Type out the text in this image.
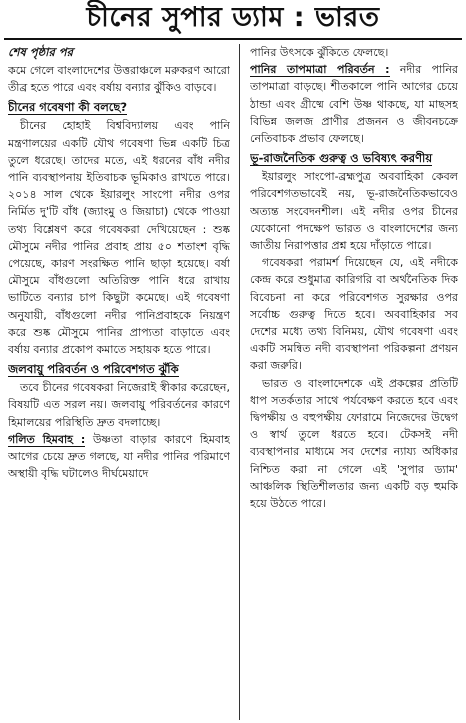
চীনের সুপার ড্যাম : ভারত
শেষ পৃষ্ঠার পর

কমে গেলে বাংলাদেশের উত্তরাঞ্চলে মরুকরণ আরো তীব্র হতে পারে এবং বর্ষায় বন্যার ঝুঁকিও বাড়বে।

চীনের গবেষণা কী বলছে?

চীনের হোহাই বিশ্ববিদ্যালয় এবং পানি মন্ত্রণালয়ের একটি যৌথ গবেষণা ভিন্ন একটি চিত্র তুলে ধরেছে। তাদের মতে, এই ধরনের বাঁধ নদীর পানি ব্যবস্থাপনায় ইতিবাচক ভূমিকাও রাখতে পারে। ২০১৪ সাল থেকে ইয়ারলুং সাংপো নদীর ওপর নির্মিত দু'টি বাঁধ (জ্যাংমু ও জিয়াচা) থেকে পাওয়া তথ্য বিশ্লেষণ করে গবেষকরা দেখিয়েছেন : শুষ্ক মৌসুমে নদীর পানির প্রবাহ প্রায় ৫০ শতাংশ বৃদ্ধি পেয়েছে, কারণ সংরক্ষিত পানি ছাড়া হয়েছে। বর্ষা মৌসুমে বাঁধগুলো অতিরিক্ত পানি ধরে রাখায় ভাটিতে বন্যার চাপ কিছুটা কমেছে। এই গবেষণা অনুযায়ী, বাঁধগুলো নদীর পানিপ্রবাহকে নিয়ন্ত্রণ করে শুষ্ক মৌসুমে পানির প্রাপ্যতা বাড়াতে এবং বর্ষায় বন্যার প্রকোপ কমাতে সহায়ক হতে পারে।

জলবায়ু পরিবর্তন ও পরিবেশগত ঝুঁকি

তবে চীনের গবেষকরা নিজেরাই স্বীকার করেছেন, বিষয়টি এত সরল নয়। জলবায়ু পরিবর্তনের কারণে হিমালয়ের পরিস্থিতি দ্রুত বদলাচ্ছে।

গলিত হিমবাহ : উষ্ণতা বাড়ার কারণে হিমবাহ আগের চেয়ে দ্রুত গলছে, যা নদীর পানির পরিমাণে অস্থায়ী বৃদ্ধি ঘটালেও দীর্ঘমেয়াদে

পানির উৎসকে ঝুঁকিতে ফেলছে।

পানির তাপমাত্রা পরিবর্তন : নদীর পানির তাপমাত্রা বাড়ছে। শীতকালে পানি আগের চেয়ে ঠান্ডা এবং গ্রীষ্মে বেশি উষ্ণ থাকছে, যা মাছসহ বিভিন্ন জলজ প্রাণীর প্রজনন ও জীবনচক্রে নেতিবাচক প্রভাব ফেলছে।

ভূ-রাজনৈতিক গুরুত্ব ও ভবিষ্যৎ করণীয়

ইয়ারলুং সাংপো-ব্রহ্মপুত্র অববাহিকা কেবল পরিবেশগতভাবেই নয়, ভূ-রাজনৈতিকভাবেও অত্যন্ত সংবেদনশীল। এই নদীর ওপর চীনের যেকোনো পদক্ষেপ ভারত ও বাংলাদেশের জন্য জাতীয় নিরাপত্তার প্রশ্ন হয়ে দাঁড়াতে পারে।

গবেষকরা পরামর্শ দিয়েছেন যে, এই নদীকে কেন্দ্র করে শুধুমাত্র কারিগরি বা অর্থনৈতিক দিক বিবেচনা না করে পরিবেশগত সুরক্ষার ওপর সর্বোচ্চ গুরুত্ব দিতে হবে। অববাহিকার সব দেশের মধ্যে তথ্য বিনিময়, যৌথ গবেষণা এবং একটি সমন্বিত নদী ব্যবস্থাপনা পরিকল্পনা প্রণয়ন করা জরুরি।

ভারত ও বাংলাদেশকে এই প্রকল্পের প্রতিটি ধাপ সতর্কতার সাথে পর্যবেক্ষণ করতে হবে এবং দ্বিপক্ষীয় ও বহুপক্ষীয় ফোরামে নিজেদের উদ্বেগ ও স্বার্থ তুলে ধরতে হবে। টেকসই নদী ব্যবস্থাপনার মাধ্যমে সব দেশের ন্যায্য অধিকার নিশ্চিত করা না গেলে এই 'সুপার ড্যাম' আঞ্চলিক স্থিতিশীলতার জন্য একটি বড় হুমকি হয়ে উঠতে পারে।
